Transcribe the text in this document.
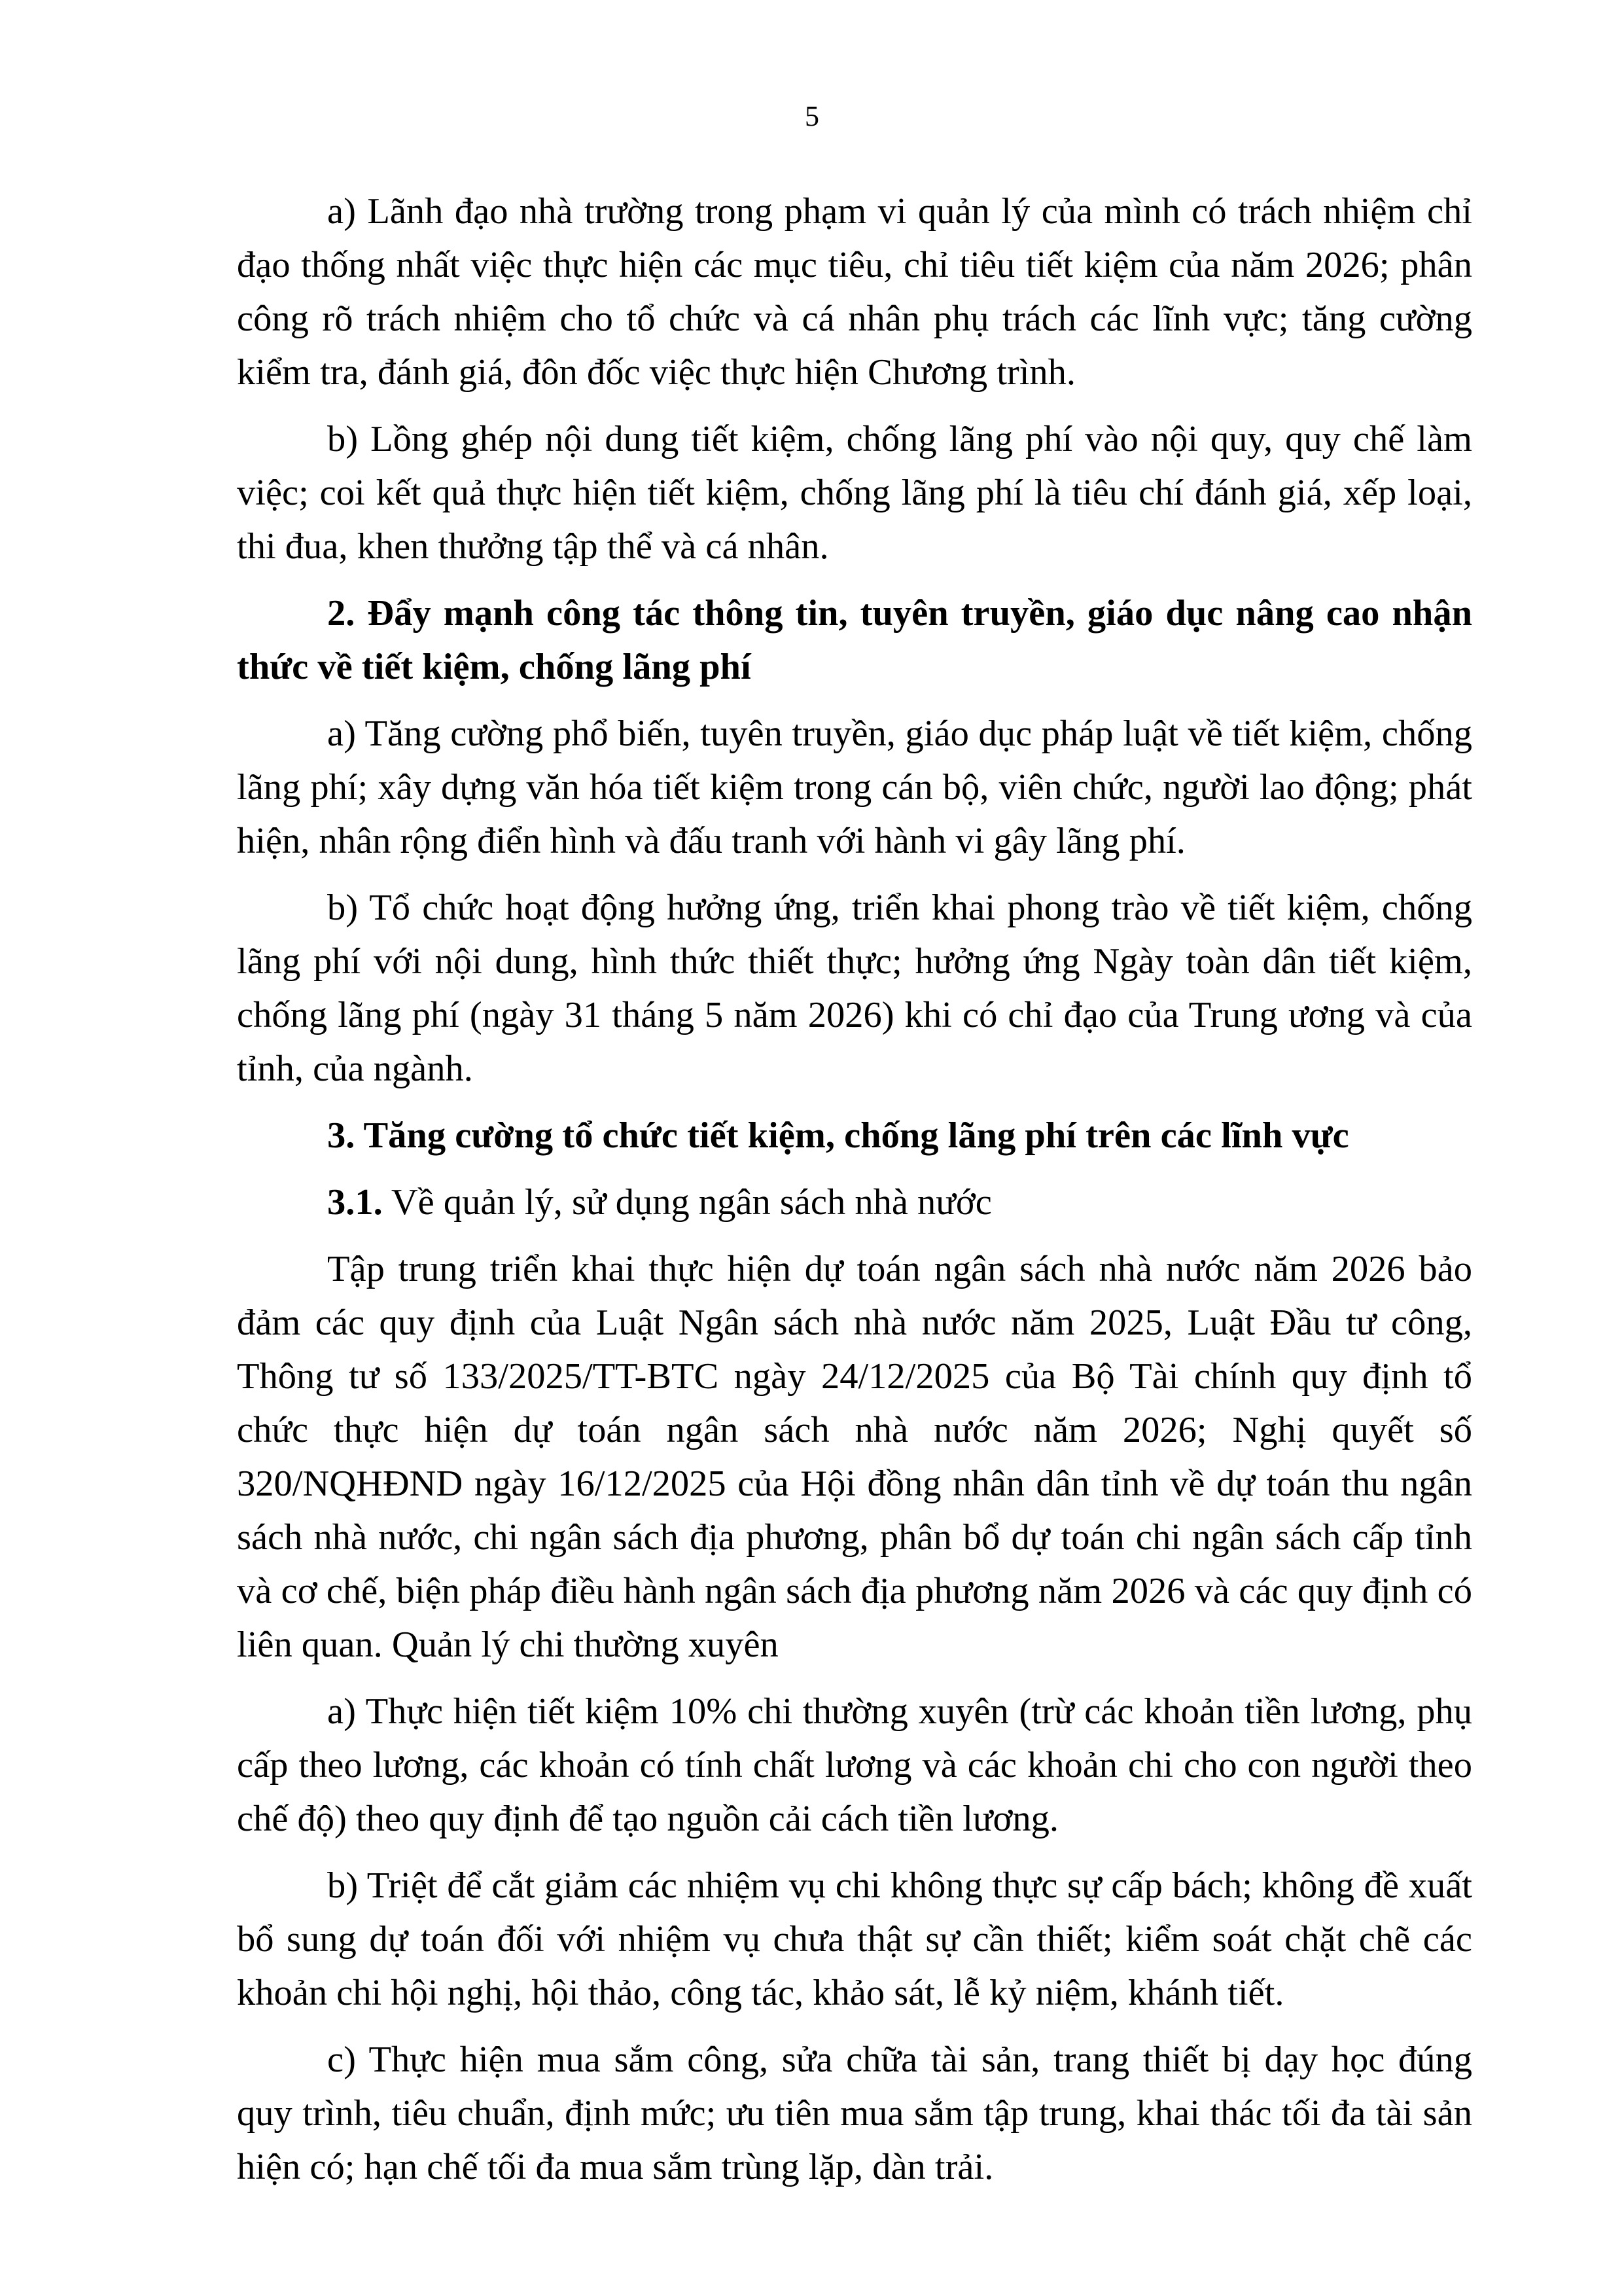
5

a) Lãnh đạo nhà trường trong phạm vi quản lý của mình có trách nhiệm chỉ đạo thống nhất việc thực hiện các mục tiêu, chỉ tiêu tiết kiệm của năm 2026; phân công rõ trách nhiệm cho tổ chức và cá nhân phụ trách các lĩnh vực; tăng cường kiểm tra, đánh giá, đôn đốc việc thực hiện Chương trình.

b) Lồng ghép nội dung tiết kiệm, chống lãng phí vào nội quy, quy chế làm việc; coi kết quả thực hiện tiết kiệm, chống lãng phí là tiêu chí đánh giá, xếp loại, thi đua, khen thưởng tập thể và cá nhân.

2. Đẩy mạnh công tác thông tin, tuyên truyền, giáo dục nâng cao nhận thức về tiết kiệm, chống lãng phí

a) Tăng cường phổ biến, tuyên truyền, giáo dục pháp luật về tiết kiệm, chống lãng phí; xây dựng văn hóa tiết kiệm trong cán bộ, viên chức, người lao động; phát hiện, nhân rộng điển hình và đấu tranh với hành vi gây lãng phí.

b) Tổ chức hoạt động hưởng ứng, triển khai phong trào về tiết kiệm, chống lãng phí với nội dung, hình thức thiết thực; hưởng ứng Ngày toàn dân tiết kiệm, chống lãng phí (ngày 31 tháng 5 năm 2026) khi có chỉ đạo của Trung ương và của tỉnh, của ngành.

3. Tăng cường tổ chức tiết kiệm, chống lãng phí trên các lĩnh vực

3.1. Về quản lý, sử dụng ngân sách nhà nước

Tập trung triển khai thực hiện dự toán ngân sách nhà nước năm 2026 bảo đảm các quy định của Luật Ngân sách nhà nước năm 2025, Luật Đầu tư công, Thông tư số 133/2025/TT-BTC ngày 24/12/2025 của Bộ Tài chính quy định tổ chức thực hiện dự toán ngân sách nhà nước năm 2026; Nghị quyết số 320/NQHĐND ngày 16/12/2025 của Hội đồng nhân dân tỉnh về dự toán thu ngân sách nhà nước, chi ngân sách địa phương, phân bổ dự toán chi ngân sách cấp tỉnh và cơ chế, biện pháp điều hành ngân sách địa phương năm 2026 và các quy định có liên quan. Quản lý chi thường xuyên

a) Thực hiện tiết kiệm 10% chi thường xuyên (trừ các khoản tiền lương, phụ cấp theo lương, các khoản có tính chất lương và các khoản chi cho con người theo chế độ) theo quy định để tạo nguồn cải cách tiền lương.

b) Triệt để cắt giảm các nhiệm vụ chi không thực sự cấp bách; không đề xuất bổ sung dự toán đối với nhiệm vụ chưa thật sự cần thiết; kiểm soát chặt chẽ các khoản chi hội nghị, hội thảo, công tác, khảo sát, lễ kỷ niệm, khánh tiết.

c) Thực hiện mua sắm công, sửa chữa tài sản, trang thiết bị dạy học đúng quy trình, tiêu chuẩn, định mức; ưu tiên mua sắm tập trung, khai thác tối đa tài sản hiện có; hạn chế tối đa mua sắm trùng lặp, dàn trải.
